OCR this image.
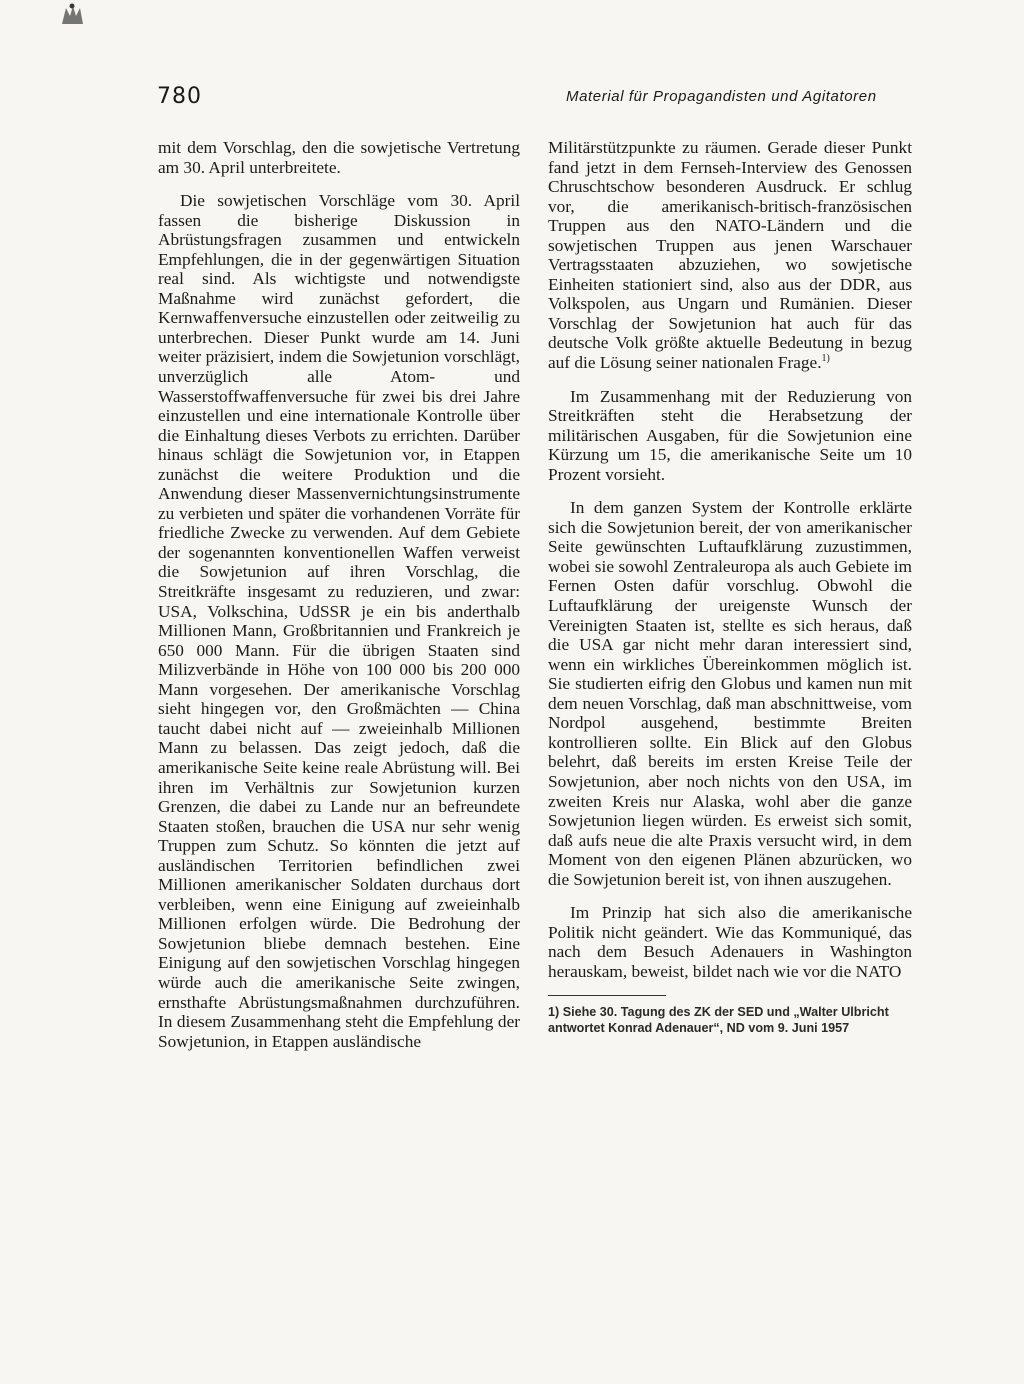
780	Material für Propagandisten und Agitatoren

mit dem Vorschlag, den die sowjetische Vertretung am 30. April unterbreitete.

Die sowjetischen Vorschläge vom 30. April fassen die bisherige Diskussion in Abrüstungsfragen zusammen und entwickeln Empfehlungen, die in der gegenwärtigen Situation real sind. Als wichtigste und notwendigste Maßnahme wird zunächst gefordert, die Kernwaffenversuche einzustellen oder zeitweilig zu unterbrechen. Dieser Punkt wurde am 14. Juni weiter präzisiert, indem die Sowjetunion vorschlägt, unverzüglich alle Atom- und Wasserstoffwaffenversuche für zwei bis drei Jahre einzustellen und eine internationale Kontrolle über die Einhaltung dieses Verbots zu errichten. Darüber hinaus schlägt die Sowjetunion vor, in Etappen zunächst die weitere Produktion und die Anwendung dieser Massenvernichtungsinstrumente zu verbieten und später die vorhandenen Vorräte für friedliche Zwecke zu verwenden. Auf dem Gebiete der sogenannten konventionellen Waffen verweist die Sowjetunion auf ihren Vorschlag, die Streitkräfte insgesamt zu reduzieren, und zwar: USA, Volkschina, UdSSR je ein bis anderthalb Millionen Mann, Großbritannien und Frankreich je 650 000 Mann. Für die übrigen Staaten sind Milizverbände in Höhe von 100 000 bis 200 000 Mann vorgesehen. Der amerikanische Vorschlag sieht hingegen vor, den Großmächten — China taucht dabei nicht auf — zweieinhalb Millionen Mann zu belassen. Das zeigt jedoch, daß die amerikanische Seite keine reale Abrüstung will. Bei ihren im Verhältnis zur Sowjetunion kurzen Grenzen, die dabei zu Lande nur an befreundete Staaten stoßen, brauchen die USA nur sehr wenig Truppen zum Schutz. So könnten die jetzt auf ausländischen Territorien befindlichen zwei Millionen amerikanischer Soldaten durchaus dort verbleiben, wenn eine Einigung auf zweieinhalb Millionen erfolgen würde. Die Bedrohung der Sowjetunion bliebe demnach bestehen. Eine Einigung auf den sowjetischen Vorschlag hingegen würde auch die amerikanische Seite zwingen, ernsthafte Abrüstungsmaßnahmen durchzuführen. In diesem Zusammenhang steht die Empfehlung der Sowjetunion, in Etappen ausländische

Militärstützpunkte zu räumen. Gerade dieser Punkt fand jetzt in dem Fernseh-Interview des Genossen Chruschtschow besonderen Ausdruck. Er schlug vor, die amerikanisch-britisch-französischen Truppen aus den NATO-Ländern und die sowjetischen Truppen aus jenen Warschauer Vertragsstaaten abzuziehen, wo sowjetische Einheiten stationiert sind, also aus der DDR, aus Volkspolen, aus Ungarn und Rumänien. Dieser Vorschlag der Sowjetunion hat auch für das deutsche Volk größte aktuelle Bedeutung in bezug auf die Lösung seiner nationalen Frage.$^{1)}$

Im Zusammenhang mit der Reduzierung von Streitkräften steht die Herabsetzung der militärischen Ausgaben, für die Sowjetunion eine Kürzung um 15, die amerikanische Seite um 10 Prozent vorsieht.

In dem ganzen System der Kontrolle erklärte sich die Sowjetunion bereit, der von amerikanischer Seite gewünschten Luftaufklärung zuzustimmen, wobei sie sowohl Zentraleuropa als auch Gebiete im Fernen Osten dafür vorschlug. Obwohl die Luftaufklärung der ureigenste Wunsch der Vereinigten Staaten ist, stellte es sich heraus, daß die USA gar nicht mehr daran interessiert sind, wenn ein wirkliches Übereinkommen möglich ist. Sie studierten eifrig den Globus und kamen nun mit dem neuen Vorschlag, daß man abschnittweise, vom Nordpol ausgehend, bestimmte Breiten kontrollieren sollte. Ein Blick auf den Globus belehrt, daß bereits im ersten Kreise Teile der Sowjetunion, aber noch nichts von den USA, im zweiten Kreis nur Alaska, wohl aber die ganze Sowjetunion liegen würden. Es erweist sich somit, daß aufs neue die alte Praxis versucht wird, in dem Moment von den eigenen Plänen abzurücken, wo die Sowjetunion bereit ist, von ihnen auszugehen.

Im Prinzip hat sich also die amerikanische Politik nicht geändert. Wie das Kommuniqué, das nach dem Besuch Adenauers in Washington herauskam, beweist, bildet nach wie vor die NATO

1) Siehe 30. Tagung des ZK der SED und „Walter Ulbricht antwortet Konrad Adenauer“, ND vom 9. Juni 1957
